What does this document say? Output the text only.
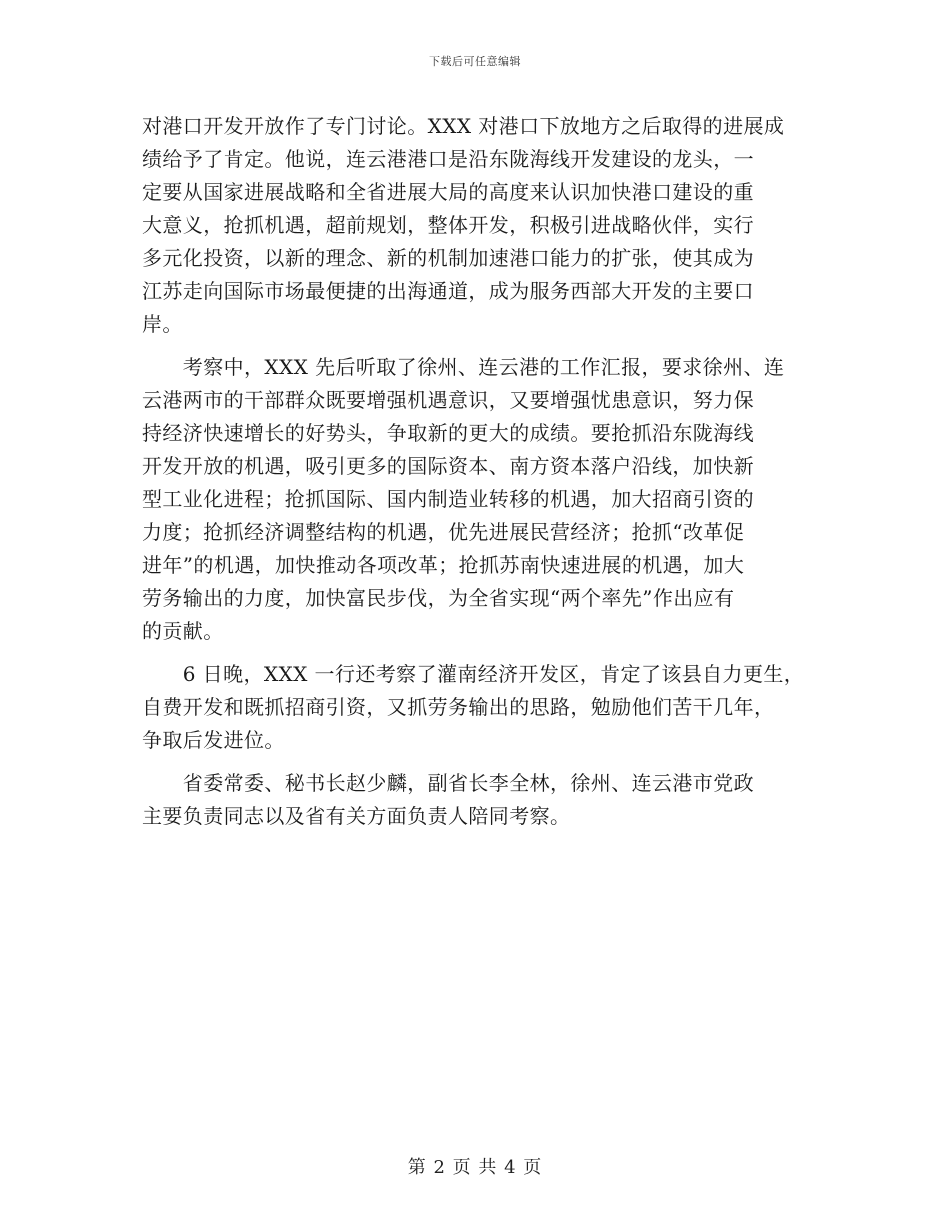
下载后可任意编辑

对港口开发开放作了专门讨论。XXX 对港口下放地方之后取得的进展成

绩给予了肯定。他说，连云港港口是沿东陇海线开发建设的龙头，一

定要从国家进展战略和全省进展大局的高度来认识加快港口建设的重

大意义，抢抓机遇，超前规划，整体开发，积极引进战略伙伴，实行

多元化投资，以新的理念、新的机制加速港口能力的扩张，使其成为

江苏走向国际市场最便捷的出海通道，成为服务西部大开发的主要口

岸。

　　考察中，XXX 先后听取了徐州、连云港的工作汇报，要求徐州、连

云港两市的干部群众既要增强机遇意识，又要增强忧患意识，努力保

持经济快速增长的好势头，争取新的更大的成绩。要抢抓沿东陇海线

开发开放的机遇，吸引更多的国际资本、南方资本落户沿线，加快新

型工业化进程；抢抓国际、国内制造业转移的机遇，加大招商引资的

力度；抢抓经济调整结构的机遇，优先进展民营经济；抢抓“改革促

进年”的机遇，加快推动各项改革；抢抓苏南快速进展的机遇，加大

劳务输出的力度，加快富民步伐，为全省实现“两个率先”作出应有

的贡献。

　　6 日晚，XXX 一行还考察了灌南经济开发区，肯定了该县自力更生，

自费开发和既抓招商引资，又抓劳务输出的思路，勉励他们苦干几年，

争取后发进位。

　　省委常委、秘书长赵少麟，副省长李全林，徐州、连云港市党政

主要负责同志以及省有关方面负责人陪同考察。

第 2 页 共 4 页
